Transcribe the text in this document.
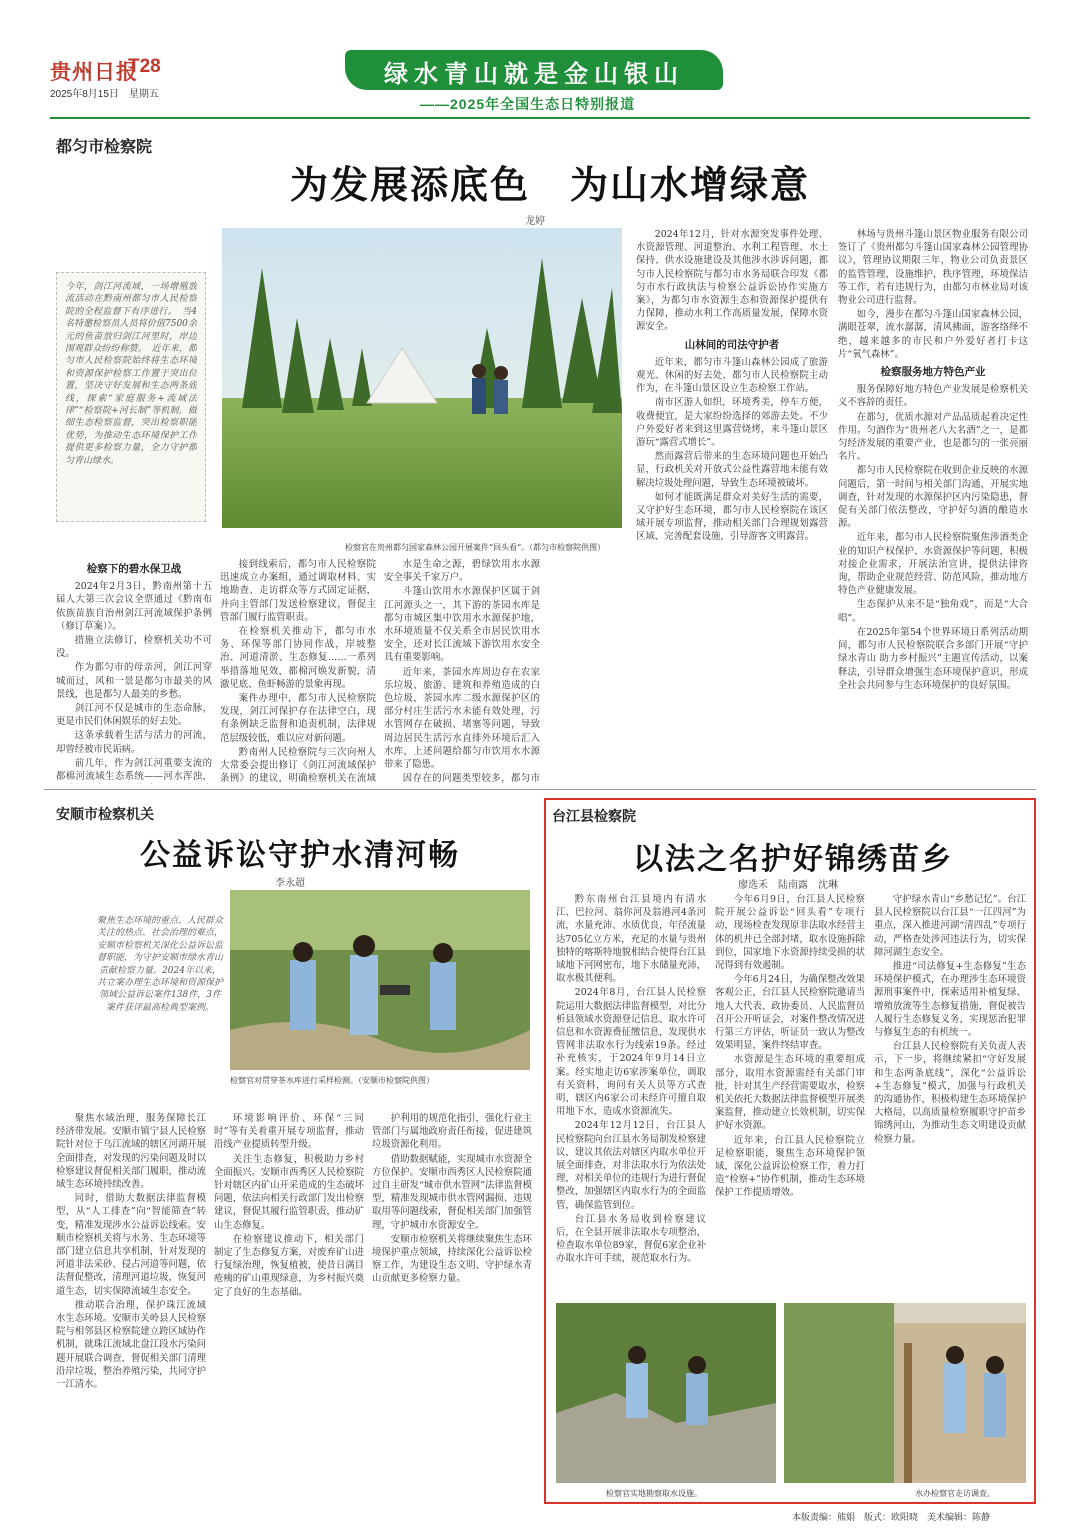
贵州日报
T28
2025年8月15日　星期五
绿水青山就是金山银山
——2025年全国生态日特别报道
都匀市检察院
为发展添底色　为山水增绿意
龙婷
今年，剑江河流域，一场增殖放流活动在黔南州都匀市人民检察院的全程监督下有序进行。　当4名特邀检察员人员将价值7500余元的鱼苗放归剑江河里时，岸边围观群众纷纷称赞。　近年来，都匀市人民检察院始终将生态环境和资源保护检察工作置于突出位置，坚决守好发展和生态两条底线，探索“家庭服务+流域法律”“检察院+河长制”等机制，做细生态检察监督，突出检察职能优势，为推动生态环境保护工作提供更多检察力量，全力守护都匀青山绿水。
检察官在贵州都匀国家森林公园开展案件“回头看”。（都匀市检察院供图）
检察下的碧水保卫战

2024年2月3日，黔南州第十五届人大第三次会议全票通过《黔南布依族苗族自治州剑江河流域保护条例（修订草案）》。

措施立法修订，检察机关功不可没。

作为都匀市的母亲河，剑江河穿城而过，风和一景是都匀市最美的风景线，也是都匀人最美的乡愁。

剑江河不仅是城市的生态命脉，更是市民们休闲娱乐的好去处。

这条承载着生活与活力的河流，却曾经被市民诟病。

前几年，作为剑江河重要支流的都棉河流域生态系统——河水浑浊，

接到线索后，都匀市人民检察院迅速成立办案组，通过调取材料、实地勘查、走访群众等方式固定证据，并向主管部门发送检察建议，督促主管部门履行监管职责。

在检察机关推动下，都匀市水务、环保等部门协同作战，岸坡整治、河道清淤、生态修复……一系列举措落地见效，都棉河焕发新貌，清澈见底、鱼虾畅游的景象再现。

案件办理中，都匀市人民检察院发现，剑江河保护存在法律空白，现有条例缺乏监督和追责机制，法律规范层级较低，难以应对新问题。

黔南州人民检察院与三次向州人大常委会提出修订《剑江河流域保护条例》的建议，明确检察机关在流域

水是生命之源，碧绿饮用水水源安全事关千家万户。

斗篷山饮用水水源保护区属于剑江河源头之一，其下游的茶园水库是都匀市城区集中饮用水水源保护地，水环境质量不仅关系全市居民饮用水安全，还对长江流域下游饮用水安全具有重要影响。

近年来，茶园水库周边存在农家乐垃圾、旅游、建筑和养殖造成的白色垃圾，茶园水库二级水源保护区的部分村庄生活污水未能有效处理，污水管网存在破损、堵塞等问题，导致周边居民生活污水直排外环境后汇入水库，上述问题给都匀市饮用水水源带来了隐患。

因存在的问题类型较多，都匀市

2024年12月，针对水源突发事件处理、水资源管理、河道整治、水利工程管理、水土保持、供水设施建设及其他涉水渉诉问题，都匀市人民检察院与都匀市水务局联合印发《都匀市水行政执法与检察公益诉讼协作实施方案》，为都匀市水资源生态和资源保护提供有力保障，推动水利工作高质量发展，保障水资源安全。

山林间的司法守护者

近年来，都匀市斗篷山森林公园成了旅游观光、休闲的好去处，都匀市人民检察院主动作为，在斗篷山景区设立生态检察工作站。

南市区游人如织，环境秀美，停车方便，收费便宜，是大家纷纷选择的郊游去处。不少户外爱好者来到这里露营烧烤，来斗篷山景区游玩“露营式增长”。

然而露营后带来的生态环境问题也开始凸显，行政机关对开放式公益性露营地未能有效解决垃圾处理问题，导致生态环境被破坏。

如何才能既满足群众对美好生活的需要，又守护好生态环境，都匀市人民检察院在该区域开展专项监督，推动相关部门合理规划露营区域、完善配套设施，引导游客文明露营。

林场与贵州斗篷山景区物业服务有限公司签订了《贵州都匀斗篷山国家森林公园管理协议》，管理协议期限三年，物业公司负责景区的监管管理，设施维护，秩序管理，环境保洁等工作，若有违规行为，由都匀市林业局对该物业公司进行监督。

如今，漫步在都匀斗篷山国家森林公园，满眼苍翠，流水潺潺，清风拂面，游客络绎不绝，越来越多的市民和户外爱好者打卡这片“氧气森林”。

检察服务地方特色产业

服务保障好地方特色产业发展是检察机关义不容辞的责任。

在都匀，优质水源对产品品质起着决定性作用。匀酒作为“贵州老八大名酒”之一，是都匀经济发展的重要产业，也是都匀的一张亮丽名片。

都匀市人民检察院在收到企业反映的水源问题后，第一时间与相关部门沟通，开展实地调查，针对发现的水源保护区内污染隐患，督促有关部门依法整改，守护好匀酒的酿造水源。

近年来，都匀市人民检察院聚焦涉酒类企业的知识产权保护、水资源保护等问题，积极对接企业需求，开展法治宣讲，提供法律咨询，帮助企业规范经营、防范风险，推动地方特色产业健康发展。

生态保护从来不是“独角戏”，而是“大合唱”。

在2025年第54个世界环境日系列活动期间，都匀市人民检察院联合多部门开展“守护绿水青山 助力乡村振兴”主题宣传活动，以案释法，引导群众增强生态环境保护意识，形成全社会共同参与生态环境保护的良好氛围。

安顺市检察机关
公益诉讼守护水清河畅
李永超
聚焦生态环境的重点、人民群众关注的热点、社会治理的难点，安顺市检察机关深化公益诉讼监督职能，为守护安顺市绿水青山贡献检察力量。2024年以来，共立案办理生态环境和资源保护领域公益诉讼案件138件，3件案件获评最高检典型案例。
检察官对贯穿茶水库进行采样检测。（安顺市检察院供图）

聚焦水域治理，服务保障长江经济带发展。安顺市镇宁县人民检察院针对位于乌江流域的辖区河湖开展全面排查，对发现的污染问题及时以检察建议督促相关部门履职，推动流域生态环境持续改善。

同时，借助大数据法律监督模型，从“人工排查”向“智能筛查”转变，精准发现涉水公益诉讼线索。安顺市检察机关将与水务、生态环境等部门建立信息共享机制，针对发现的河道非法采砂、侵占河道等问题，依法督促整改，清理河道垃圾，恢复河道生态，切实保障流域生态安全。

推动联合治理，保护珠江流域水生态环境。安顺市关岭县人民检察院与相邻县区检察院建立跨区域协作机制，就珠江流域北盘江段水污染问题开展联合调查，督促相关部门清理沿岸垃圾，整治养殖污染，共同守护一江清水。

环境影响评价、环保“三同时”等有关着重开展专项监督，推动沿线产业提质转型升级。

关注生态修复，积极助力乡村全面振兴。安顺市西秀区人民检察院针对辖区内矿山开采造成的生态破坏问题，依法向相关行政部门发出检察建议，督促其履行监管职责，推动矿山生态修复。

在检察建议推动下，相关部门制定了生态修复方案，对废弃矿山进行复绿治理，恢复植被，使昔日满目疮痍的矿山重现绿意，为乡村振兴奠定了良好的生态基础。

护利用的规范化指引，强化行业主管部门与属地政府责任衔接，促进建筑垃圾资源化利用。

借助数据赋能，实现城市水资源全方位保护。安顺市西秀区人民检察院通过自主研发“城市供水管网”法律监督模型，精准发现城市供水管网漏损、违规取用等问题线索，督促相关部门加强管理，守护城市水资源安全。

安顺市检察机关将继续聚焦生态环境保护重点领域，持续深化公益诉讼检察工作，为建设生态文明、守护绿水青山贡献更多检察力量。

台江县检察院
以法之名护好锦绣苗乡
廖选禾　陆南露　沈琳

黔东南州台江县境内有清水江、巴拉河、翁你河及翁港河4条河流，水量充沛、水质优良，年径流量达705亿立方米，充足的水量与贵州独特的喀斯特地貌相结合使得台江县域地下河网密布，地下水储量充沛，取水极其便利。

2024年8月，台江县人民检察院运用大数据法律监督模型，对比分析县领域水资源登记信息、取水许可信息和水资源费征缴信息，发现供水管网非法取水行为线索19条。经过补充核实，于2024年9月14日立案。经实地走访6家涉案单位，调取有关资料，询问有关人员等方式查明，辖区内6家公司未经许可擅自取用地下水，造成水资源流失。

2024年12月12日，台江县人民检察院向台江县水务局制发检察建议，建议其依法对辖区内取水单位开展全面排查，对非法取水行为依法处理，对相关单位的违规行为进行督促整改，加强辖区内取水行为的全面监管，确保监管到位。

台江县水务局收到检察建议后，在全县开展非法取水专项整治，检查取水单位89家，督促6家企业补办取水许可手续，规范取水行为。

今年6月9日，台江县人民检察院开展公益诉讼“回头看”专项行动，现场检查发现原非法取水经营主体的机井已全部封堵，取水设施拆除到位，国家地下水资源持续受损的状况得到有效遏制。

今年6月24日，为确保整改效果客观公正，台江县人民检察院邀请当地人大代表、政协委员、人民监督员召开公开听证会，对案件整改情况进行第三方评估，听证员一致认为整改效果明显，案件终结审查。

水资源是生态环境的重要组成部分，取用水资源需经有关部门审批，针对其生产经营需要取水，检察机关依托大数据法律监督模型开展类案监督，推动建立长效机制，切实保护好水资源。

近年来，台江县人民检察院立足检察职能，聚焦生态环境保护领域，深化公益诉讼检察工作，着力打造“检察+”协作机制，推动生态环境保护工作提质增效。

守护绿水青山“乡愁记忆”。台江县人民检察院以台江县“一江四河”为重点，深入推进河湖“清四乱”专项行动，严格查处涉河违法行为，切实保障河湖生态安全。

推进“司法修复+生态修复”生态环境保护模式，在办理涉生态环境资源刑事案件中，探索适用补植复绿、增殖放流等生态修复措施，督促被告人履行生态修复义务，实现惩治犯罪与修复生态的有机统一。

台江县人民检察院有关负责人表示，下一步，将继续紧扣“守好发展和生态两条底线”，深化“公益诉讼+生态修复”模式，加强与行政机关的沟通协作，积极构建生态环境保护大格局，以高质量检察履职守护苗乡锦绣河山，为推动生态文明建设贡献检察力量。

检察官实地勘察取水设施。	水办检察官走访调查。
本版责编：熊娟　版式：欧阳晓　美术编辑：陈静
